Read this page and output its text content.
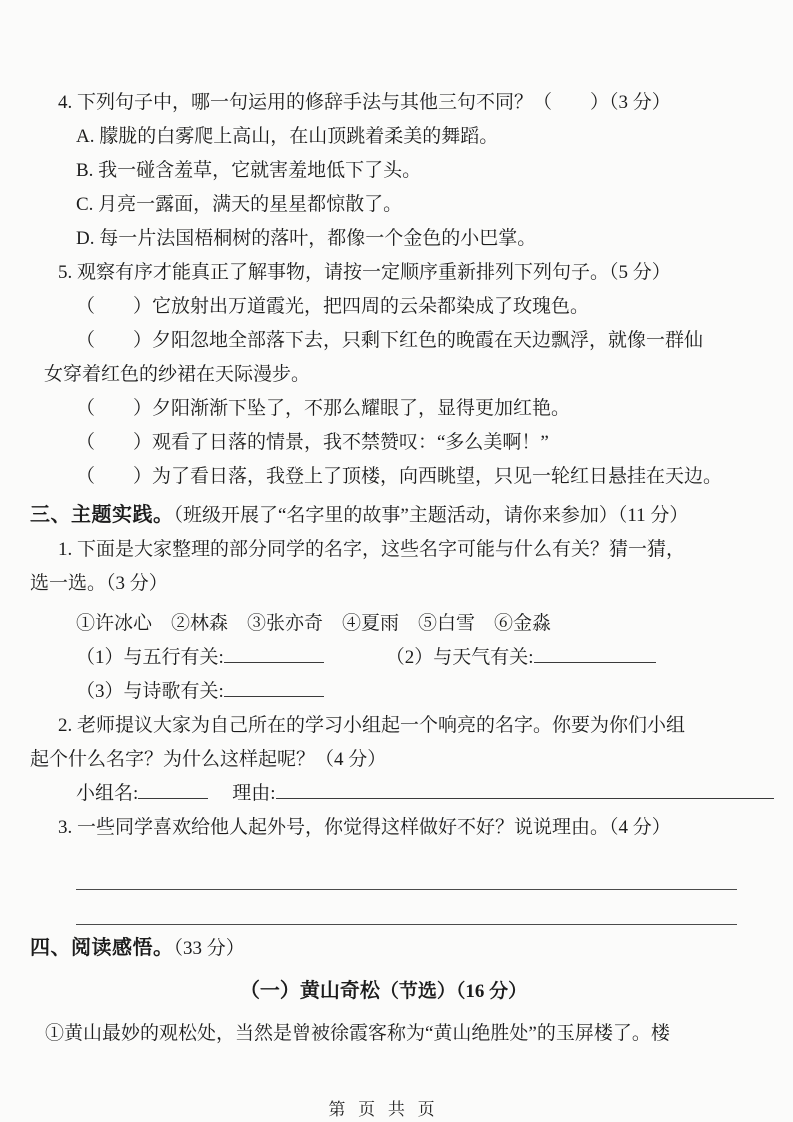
4. 下列句子中，哪一句运用的修辞手法与其他三句不同？（　　）（3 分）

A. 朦胧的白雾爬上高山，在山顶跳着柔美的舞蹈。

B. 我一碰含羞草，它就害羞地低下了头。

C. 月亮一露面，满天的星星都惊散了。

D. 每一片法国梧桐树的落叶，都像一个金色的小巴掌。

5. 观察有序才能真正了解事物，请按一定顺序重新排列下列句子。（5 分）

（　　）它放射出万道霞光，把四周的云朵都染成了玫瑰色。

（　　）夕阳忽地全部落下去，只剩下红色的晚霞在天边飘浮，就像一群仙

女穿着红色的纱裙在天际漫步。

（　　）夕阳渐渐下坠了，不那么耀眼了，显得更加红艳。

（　　）观看了日落的情景，我不禁赞叹：“多么美啊！”

（　　）为了看日落，我登上了顶楼，向西眺望，只见一轮红日悬挂在天边。

三、主题实践。（班级开展了“名字里的故事”主题活动，请你来参加）（11 分）

1. 下面是大家整理的部分同学的名字，这些名字可能与什么有关？猜一猜，

选一选。（3 分）

①许冰心　②林森　③张亦奇　④夏雨　⑤白雪　⑥金淼

（1）与五行有关:	（2）与天气有关:

（3）与诗歌有关:

2. 老师提议大家为自己所在的学习小组起一个响亮的名字。你要为你们小组

起个什么名字？为什么这样起呢？（4 分）

小组名:	理由:

3. 一些同学喜欢给他人起外号，你觉得这样做好不好？说说理由。（4 分）

四、阅读感悟。（33 分）

（一）黄山奇松（节选）（16 分）

①黄山最妙的观松处，当然是曾被徐霞客称为“黄山绝胜处”的玉屏楼了。楼

第 页 共 页
